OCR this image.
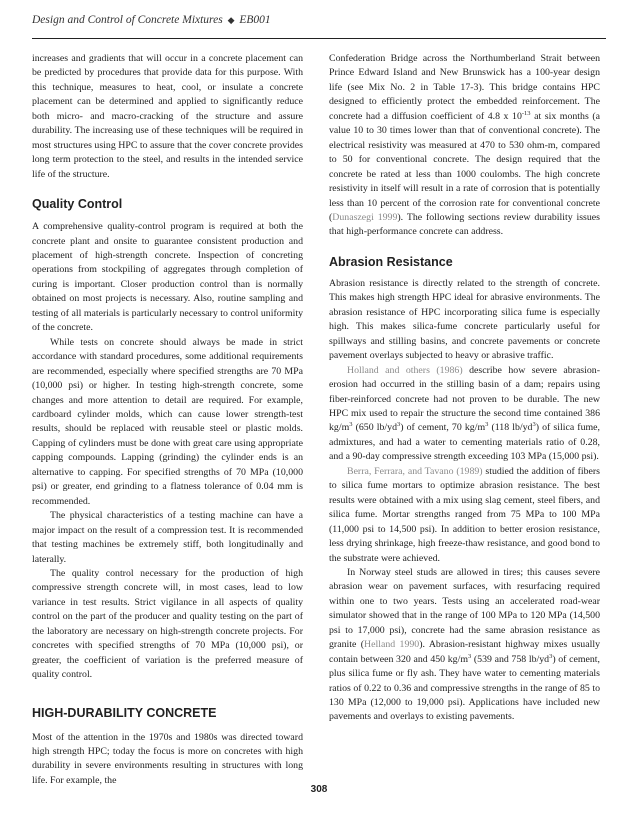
Design and Control of Concrete Mixtures ◆ EB001

increases and gradients that will occur in a concrete placement can be predicted by procedures that provide data for this purpose. With this technique, measures to heat, cool, or insulate a concrete placement can be determined and applied to significantly reduce both micro- and macro-cracking of the structure and assure durability. The increasing use of these techniques will be required in most structures using HPC to assure that the cover concrete provides long term protection to the steel, and results in the intended service life of the structure.

Quality Control

A comprehensive quality-control program is required at both the concrete plant and onsite to guarantee consistent production and placement of high-strength concrete. Inspection of concreting operations from stockpiling of aggregates through completion of curing is important. Closer production control than is normally obtained on most projects is necessary. Also, routine sampling and testing of all materials is particularly necessary to control uniformity of the concrete.

While tests on concrete should always be made in strict accordance with standard procedures, some additional requirements are recommended, especially where specified strengths are 70 MPa (10,000 psi) or higher. In testing high-strength concrete, some changes and more attention to detail are required. For example, cardboard cylinder molds, which can cause lower strength-test results, should be replaced with reusable steel or plastic molds. Capping of cylinders must be done with great care using appropriate capping compounds. Lapping (grinding) the cylinder ends is an alternative to capping. For specified strengths of 70 MPa (10,000 psi) or greater, end grinding to a flatness tolerance of 0.04 mm is recommended.

The physical characteristics of a testing machine can have a major impact on the result of a compression test. It is recommended that testing machines be extremely stiff, both longitudinally and laterally.

The quality control necessary for the production of high compressive strength concrete will, in most cases, lead to low variance in test results. Strict vigilance in all aspects of quality control on the part of the producer and quality testing on the part of the laboratory are necessary on high-strength concrete projects. For concretes with specified strengths of 70 MPa (10,000 psi), or greater, the coefficient of variation is the preferred measure of quality control.

HIGH-DURABILITY CONCRETE

Most of the attention in the 1970s and 1980s was directed toward high strength HPC; today the focus is more on concretes with high durability in severe environments resulting in structures with long life. For example, the

Confederation Bridge across the Northumberland Strait between Prince Edward Island and New Brunswick has a 100-year design life (see Mix No. 2 in Table 17-3). This bridge contains HPC designed to efficiently protect the embedded reinforcement. The concrete had a diffusion coefficient of 4.8 x $10^{-13}$ at six months (a value 10 to 30 times lower than that of conventional concrete). The electrical resistivity was measured at 470 to 530 ohm-m, compared to 50 for conventional concrete. The design required that the concrete be rated at less than 1000 coulombs. The high concrete resistivity in itself will result in a rate of corrosion that is potentially less than 10 percent of the corrosion rate for conventional concrete (Dunaszegi 1999). The following sections review durability issues that high-performance concrete can address.

Abrasion Resistance

Abrasion resistance is directly related to the strength of concrete. This makes high strength HPC ideal for abrasive environments. The abrasion resistance of HPC incorporating silica fume is especially high. This makes silica-fume concrete particularly useful for spillways and stilling basins, and concrete pavements or concrete pavement overlays subjected to heavy or abrasive traffic.

Holland and others (1986) describe how severe abrasion-erosion had occurred in the stilling basin of a dam; repairs using fiber-reinforced concrete had not proven to be durable. The new HPC mix used to repair the structure the second time contained 386 $kg/m^3$ (650 $lb/yd^3$) of cement, 70 $kg/m^3$ (118 $lb/yd^3$) of silica fume, admixtures, and had a water to cementing materials ratio of 0.28, and a 90-day compressive strength exceeding 103 MPa (15,000 psi).

Berra, Ferrara, and Tavano (1989) studied the addition of fibers to silica fume mortars to optimize abrasion resistance. The best results were obtained with a mix using slag cement, steel fibers, and silica fume. Mortar strengths ranged from 75 MPa to 100 MPa (11,000 psi to 14,500 psi). In addition to better erosion resistance, less drying shrinkage, high freeze-thaw resistance, and good bond to the substrate were achieved.

In Norway steel studs are allowed in tires; this causes severe abrasion wear on pavement surfaces, with resurfacing required within one to two years. Tests using an accelerated road-wear simulator showed that in the range of 100 MPa to 120 MPa (14,500 psi to 17,000 psi), concrete had the same abrasion resistance as granite (Helland 1990). Abrasion-resistant highway mixes usually contain between 320 and 450 $kg/m^3$ (539 and 758 $lb/yd^3$) of cement, plus silica fume or fly ash. They have water to cementing materials ratios of 0.22 to 0.36 and compressive strengths in the range of 85 to 130 MPa (12,000 to 19,000 psi). Applications have included new pavements and overlays to existing pavements.

308
